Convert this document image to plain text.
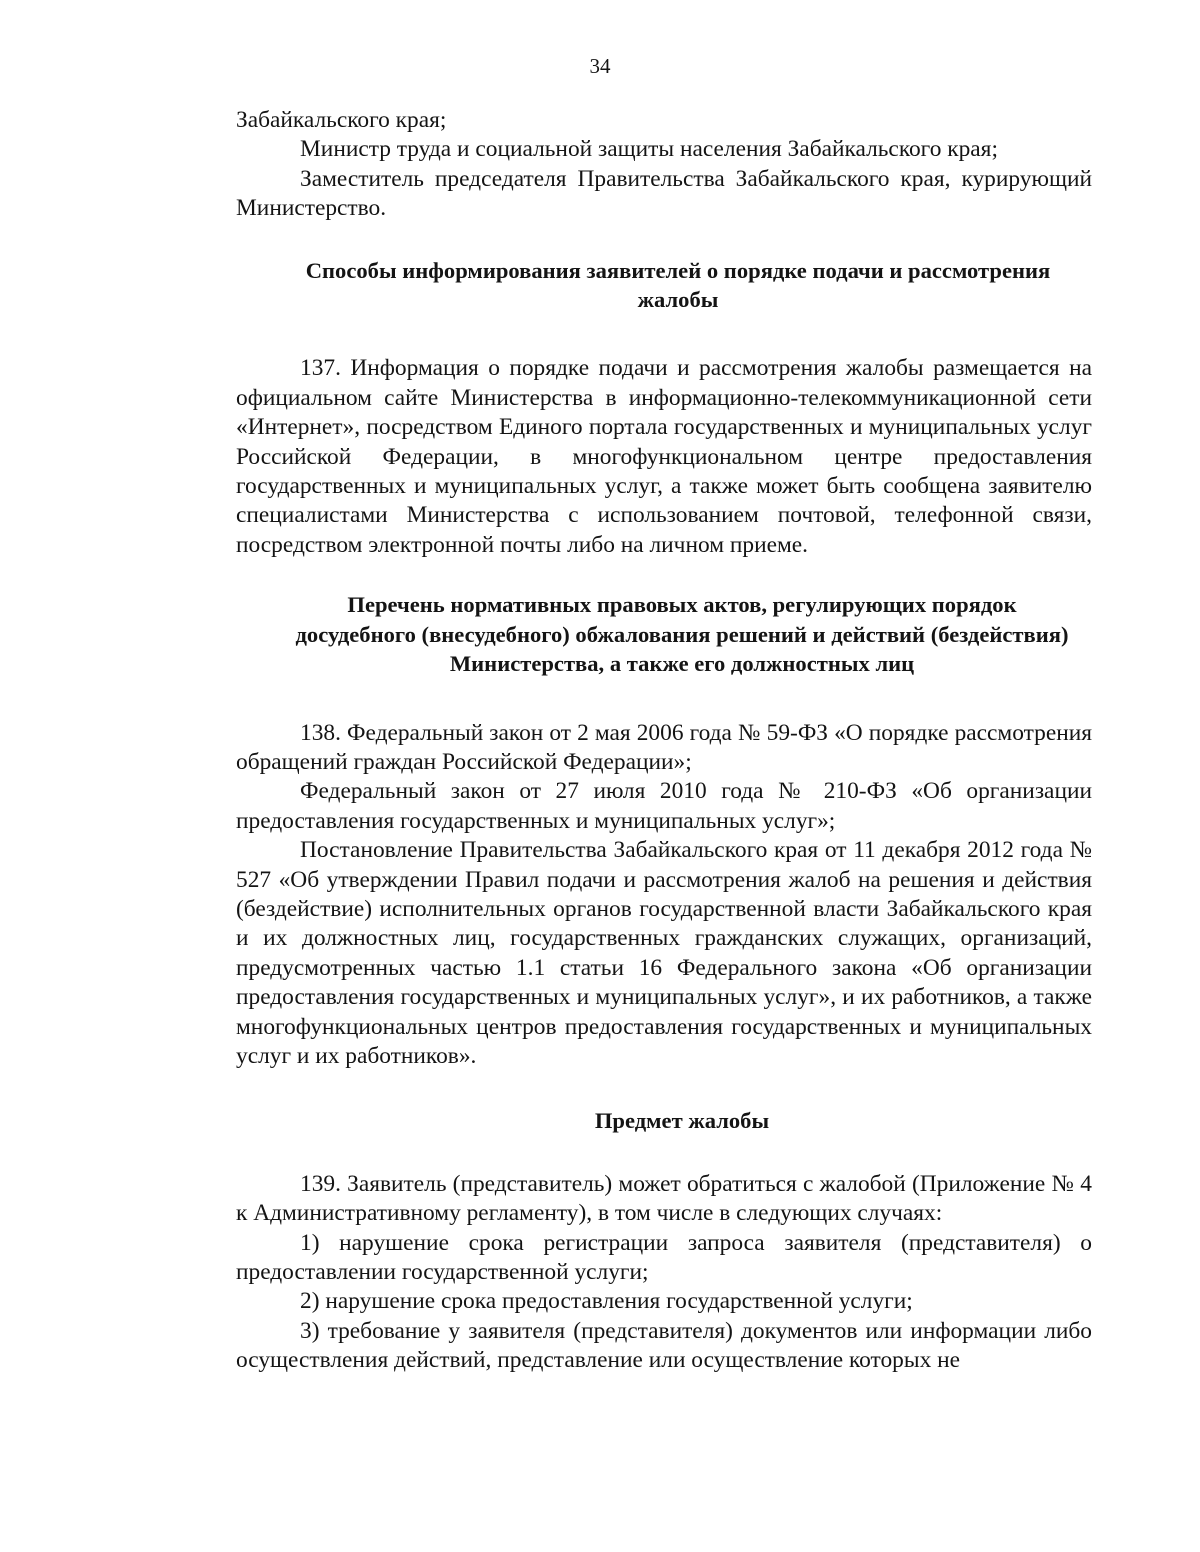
34

Забайкальского края;

Министр труда и социальной защиты населения Забайкальского края;

Заместитель председателя Правительства Забайкальского края, курирующий Министерство.

Способы информирования заявителей о порядке подачи и рассмотрения жалобы

137. Информация о порядке подачи и рассмотрения жалобы размещается на официальном сайте Министерства в информационно-телекоммуникационной сети «Интернет», посредством Единого портала государственных и муниципальных услуг Российской Федерации, в многофункциональном центре предоставления государственных и муниципальных услуг, а также может быть сообщена заявителю специалистами Министерства с использованием почтовой, телефонной связи, посредством электронной почты либо на личном приеме.

Перечень нормативных правовых актов, регулирующих порядок досудебного (внесудебного) обжалования решений и действий (бездействия) Министерства, а также его должностных лиц

138. Федеральный закон от 2 мая 2006 года № 59-ФЗ «О порядке рассмотрения обращений граждан Российской Федерации»;

Федеральный закон от 27 июля 2010 года № 210-ФЗ «Об организации предоставления государственных и муниципальных услуг»;

Постановление Правительства Забайкальского края от 11 декабря 2012 года № 527 «Об утверждении Правил подачи и рассмотрения жалоб на решения и действия (бездействие) исполнительных органов государственной власти Забайкальского края и их должностных лиц, государственных гражданских служащих, организаций, предусмотренных частью 1.1 статьи 16 Федерального закона «Об организации предоставления государственных и муниципальных услуг», и их работников, а также многофункциональных центров предоставления государственных и муниципальных услуг и их работников».

Предмет жалобы

139. Заявитель (представитель) может обратиться с жалобой (Приложение № 4 к Административному регламенту), в том числе в следующих случаях:

1) нарушение срока регистрации запроса заявителя (представителя) о предоставлении государственной услуги;

2) нарушение срока предоставления государственной услуги;

3) требование у заявителя (представителя) документов или информации либо осуществления действий, представление или осуществление которых не
